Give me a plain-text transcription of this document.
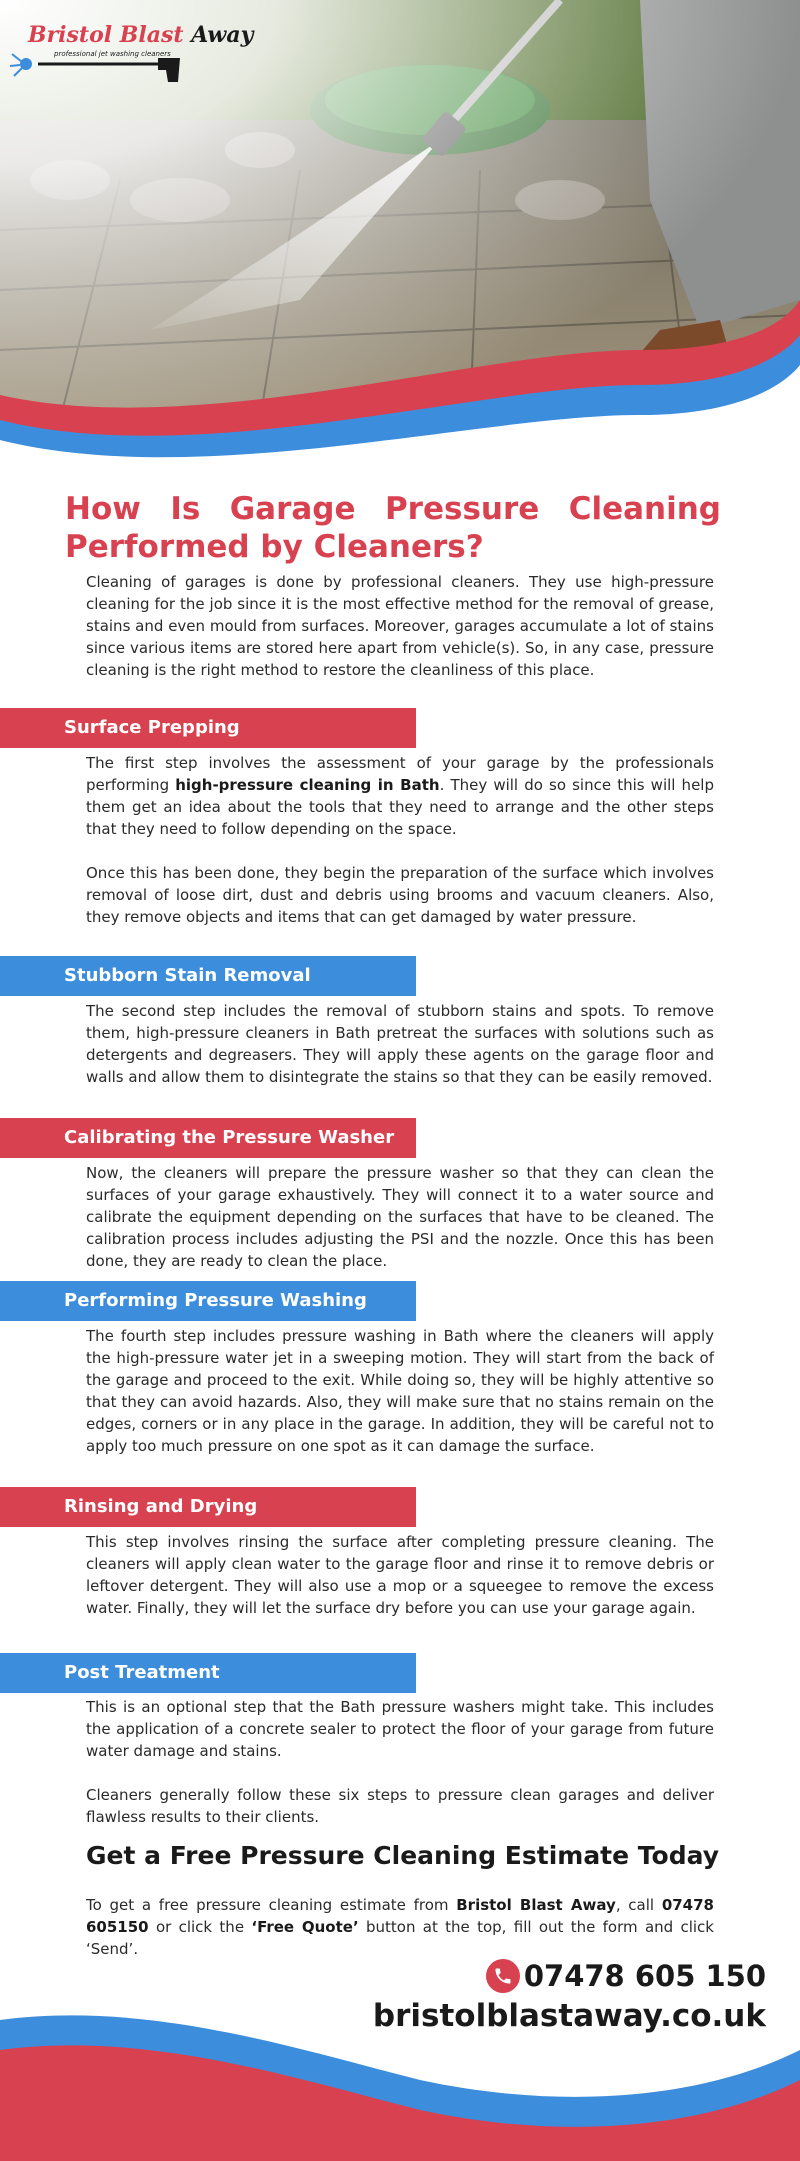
Bristol Blast Away
professional jet washing cleaners
How Is Garage Pressure Cleaning
Performed by Cleaners?

Cleaning of garages is done by professional cleaners. They use high-pressure cleaning for the job since it is the most effective method for the removal of grease, stains and even mould from surfaces. Moreover, garages accumulate a lot of stains since various items are stored here apart from vehicle(s). So, in any case, pressure cleaning is the right method to restore the cleanliness of this place.

Surface Prepping

The first step involves the assessment of your garage by the professionals performing high-pressure cleaning in Bath. They will do so since this will help them get an idea about the tools that they need to arrange and the other steps that they need to follow depending on the space.

Once this has been done, they begin the preparation of the surface which involves removal of loose dirt, dust and debris using brooms and vacuum cleaners. Also, they remove objects and items that can get damaged by water pressure.

Stubborn Stain Removal

The second step includes the removal of stubborn stains and spots. To remove them, high-pressure cleaners in Bath pretreat the surfaces with solutions such as detergents and degreasers. They will apply these agents on the garage floor and walls and allow them to disintegrate the stains so that they can be easily removed.

Calibrating the Pressure Washer

Now, the cleaners will prepare the pressure washer so that they can clean the surfaces of your garage exhaustively. They will connect it to a water source and calibrate the equipment depending on the surfaces that have to be cleaned. The calibration process includes adjusting the PSI and the nozzle. Once this has been done, they are ready to clean the place.

Performing Pressure Washing

The fourth step includes pressure washing in Bath where the cleaners will apply the high-pressure water jet in a sweeping motion. They will start from the back of the garage and proceed to the exit. While doing so, they will be highly attentive so that they can avoid hazards. Also, they will make sure that no stains remain on the edges, corners or in any place in the garage. In addition, they will be careful not to apply too much pressure on one spot as it can damage the surface.

Rinsing and Drying

This step involves rinsing the surface after completing pressure cleaning. The cleaners will apply clean water to the garage floor and rinse it to remove debris or leftover detergent. They will also use a mop or a squeegee to remove the excess water. Finally, they will let the surface dry before you can use your garage again.

Post Treatment

This is an optional step that the Bath pressure washers might take. This includes the application of a concrete sealer to protect the floor of your garage from future water damage and stains.

Cleaners generally follow these six steps to pressure clean garages and deliver flawless results to their clients.

Get a Free Pressure Cleaning Estimate Today

To get a free pressure cleaning estimate from Bristol Blast Away, call 07478 605150 or click the ‘Free Quote’ button at the top, fill out the form and click ‘Send’.

07478 605 150
bristolblastaway.co.uk
